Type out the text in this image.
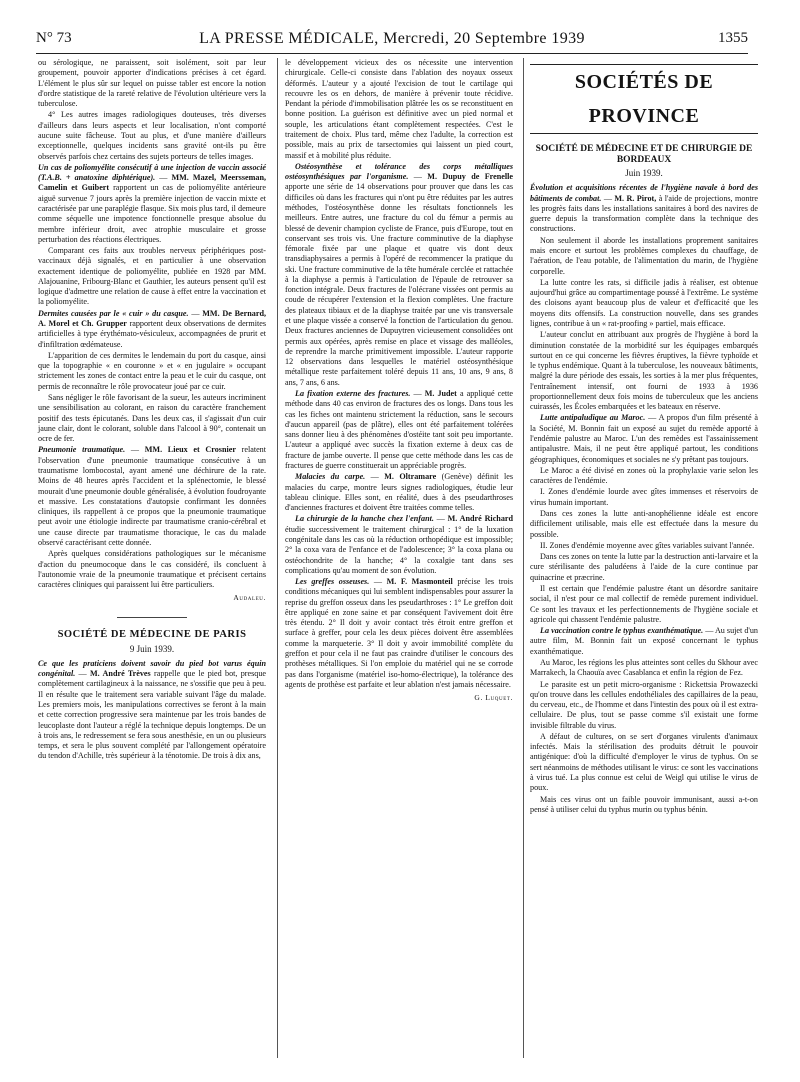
LA PRESSE MÉDICALE, Mercredi, 20 Septembre 1939
N° 73	1355

ou sérologique, ne paraissent, soit isolément, soit par leur groupement, pouvoir apporter d'indications précises à cet égard. L'élément le plus sûr sur lequel on puisse tabler est encore la notion d'ordre statistique de la rareté relative de l'évolution ultérieure vers la tuberculose.

4° Les autres images radiologiques douteuses, très diverses d'ailleurs dans leurs aspects et leur localisation, n'ont comporté aucune suite fâcheuse. Tout au plus, et d'une manière d'ailleurs exceptionnelle, quelques incidents sans gravité ont-ils pu être observés parfois chez certains des sujets porteurs de telles images.

Un cas de poliomyélite consécutif à une injection de vaccin associé (T.A.B. + anatoxine diphtérique). — MM. Mazel, Meersseman, Camelin et Guibert rapportent un cas de poliomyélite antérieure aiguë survenue 7 jours après la première injection de vaccin mixte et caractérisée par une paraplégie flasque. Six mois plus tard, il demeure comme séquelle une impotence fonctionnelle presque absolue du membre inférieur droit, avec atrophie musculaire et grosse perturbation des réactions électriques.

Comparant ces faits aux troubles nerveux périphériques post-vaccinaux déjà signalés, et en particulier à une observation exactement identique de poliomyélite, publiée en 1928 par MM. Alajouanine, Fribourg-Blanc et Gauthier, les auteurs pensent qu'il est logique d'admettre une relation de cause à effet entre la vaccination et la poliomyélite.

Dermites causées par le « cuir » du casque. — MM. De Bernard, A. Morel et Ch. Grupper rapportent deux observations de dermites artificielles à type érythémato-vésiculeux, accompagnées de prurit et d'infiltration œdémateuse.

L'apparition de ces dermites le lendemain du port du casque, ainsi que la topographie « en couronne » et « en jugulaire » occupant strictement les zones de contact entre la peau et le cuir du casque, ont permis de reconnaître le rôle provocateur joué par ce cuir.

Sans négliger le rôle favorisant de la sueur, les auteurs incriminent une sensibilisation au colorant, en raison du caractère franchement positif des tests épicutanés. Dans les deux cas, il s'agissait d'un cuir jaune clair, dont le colorant, soluble dans l'alcool à 90°, contenait un ocre de fer.

Pneumonie traumatique. — MM. Lieux et Crosnier relatent l'observation d'une pneumonie traumatique consécutive à un traumatisme lombocostal, ayant amené une déchirure de la rate. Moins de 48 heures après l'accident et la splénectomie, le blessé mourait d'une pneumonie double généralisée, à évolution foudroyante et massive. Les constatations d'autopsie confirmant les données cliniques, ils rappellent à ce propos que la pneumonie traumatique peut avoir une étiologie indirecte par traumatisme cranio-cérébral et une cause directe par traumatisme thoracique, le cas du malade observé caractérisant cette donnée.

Après quelques considérations pathologiques sur le mécanisme d'action du pneumocoque dans le cas considéré, ils concluent à l'autonomie vraie de la pneumonie traumatique et précisent certains caractères cliniques qui paraissent lui être particuliers.

Audaleu.
SOCIÉTÉ DE MÉDECINE DE PARIS
9 Juin 1939.

Ce que les praticiens doivent savoir du pied bot varus équin congénital. — M. André Trèves rappelle que le pied bot, presque complètement cartilagineux à la naissance, ne s'ossifie que peu à peu. Il en résulte que le traitement sera variable suivant l'âge du malade. Les premiers mois, les manipulations correctives se feront à la main et cette correction progressive sera maintenue par les trois bandes de leucoplaste dont l'auteur a réglé la technique depuis longtemps. De un à trois ans, le redressement se fera sous anesthésie, en un ou plusieurs temps, et sera le plus souvent complété par l'allongement opératoire du tendon d'Achille, très supérieur à la ténotomie. De trois à dix ans,

le développement vicieux des os nécessite une intervention chirurgicale. Celle-ci consiste dans l'ablation des noyaux osseux déformés. L'auteur y a ajouté l'excision de tout le cartilage qui recouvre les os en dehors, de manière à prévenir toute récidive. Pendant la période d'immobilisation plâtrée les os se reconstituent en bonne position. La guérison est définitive avec un pied normal et souple, les articulations étant complètement respectées. C'est le traitement de choix. Plus tard, même chez l'adulte, la correction est possible, mais au prix de tarsectomies qui laissent un pied court, massif et à mobilité plus réduite.

Ostéosynthèse et tolérance des corps métalliques ostéosynthésiques par l'organisme. — M. Dupuy de Frenelle apporte une série de 14 observations pour prouver que dans les cas difficiles où dans les fractures qui n'ont pu être réduites par les autres méthodes, l'ostéosynthèse donne les résultats fonctionnels les meilleurs. Entre autres, une fracture du col du fémur a permis au blessé de devenir champion cycliste de France, puis d'Europe, tout en conservant ses trois vis. Une fracture comminutive de la diaphyse fémorale fixée par une plaque et quatre vis dont deux transdiaphysaires a permis à l'opéré de recommencer la pratique du ski. Une fracture comminutive de la tête humérale cerclée et rattachée à la diaphyse a permis à l'articulation de l'épaule de retrouver sa fonction intégrale. Deux fractures de l'olécrane vissées ont permis au coude de récupérer l'extension et la flexion complètes. Une fracture des plateaux tibiaux et de la diaphyse traitée par une vis transversale et une plaque vissée a conservé la fonction de l'articulation du genou. Deux fractures anciennes de Dupuytren vicieusement consolidées ont permis aux opérées, après remise en place et vissage des malléoles, de reprendre la marche primitivement impossible. L'auteur rapporte 12 observations dans lesquelles le matériel ostéosynthésique métallique reste parfaitement toléré depuis 11 ans, 10 ans, 9 ans, 8 ans, 7 ans, 6 ans.

La fixation externe des fractures. — M. Judet a appliqué cette méthode dans 40 cas environ de fractures des os longs. Dans tous les cas les fiches ont maintenu strictement la réduction, sans le secours d'aucun appareil (pas de plâtre), elles ont été parfaitement tolérées sans donner lieu à des phénomènes d'ostéite tant soit peu importante. L'auteur a appliqué avec succès la fixation externe à deux cas de fracture de jambe ouverte. Il pense que cette méthode dans les cas de fractures de guerre constituerait un appréciable progrès.

Malacies du carpe. — M. Oltramare (Genève) définit les malacies du carpe, montre leurs signes radiologiques, étudie leur tableau clinique. Elles sont, en réalité, dues à des pseudarthroses d'anciennes fractures et doivent être traitées comme telles.

La chirurgie de la hanche chez l'enfant. — M. André Richard étudie successivement le traitement chirurgical : 1° de la luxation congénitale dans les cas où la réduction orthopédique est impossible; 2° la coxa vara de l'enfance et de l'adolescence; 3° la coxa plana ou ostéochondrite de la hanche; 4° la coxalgie tant dans ses complications qu'au moment de son évolution.

Les greffes osseuses. — M. F. Masmonteil précise les trois conditions mécaniques qui lui semblent indispensables pour assurer la reprise du greffon osseux dans les pseudarthroses : 1° Le greffon doit être appliqué en zone saine et par conséquent l'avivement doit être très étendu. 2° Il doit y avoir contact très étroit entre greffon et surface à greffer, pour cela les deux pièces doivent être assemblées comme la marqueterie. 3° Il doit y avoir immobilité complète du greffon et pour cela il ne faut pas craindre d'utiliser le concours des prothèses métalliques. Si l'on emploie du matériel qui ne se corrode pas dans l'organisme (matériel iso-homo-électrique), la tolérance des agents de prothèse est parfaite et leur ablation n'est jamais nécessaire.

G. Luquet.
SOCIÉTÉS DE PROVINCE
SOCIÉTÉ DE MÉDECINE ET DE CHIRURGIE DE BORDEAUX
Juin 1939.

Évolution et acquisitions récentes de l'hygiène navale à bord des bâtiments de combat. — M. R. Pirot, à l'aide de projections, montre les progrès faits dans les installations sanitaires à bord des navires de guerre depuis la transformation complète dans la technique des constructions.

Non seulement il aborde les installations proprement sanitaires mais encore et surtout les problèmes complexes du chauffage, de l'aération, de l'eau potable, de l'alimentation du marin, de l'hygiène corporelle.

La lutte contre les rats, si difficile jadis à réaliser, est obtenue aujourd'hui grâce au compartimentage poussé à l'extrême. Le système des cloisons ayant beaucoup plus de valeur et d'efficacité que les moyens dits offensifs. La construction nouvelle, dans ses grandes lignes, contribue à un « rat-proofing » partiel, mais efficace.

L'auteur conclut en attribuant aux progrès de l'hygiène à bord la diminution constatée de la morbidité sur les équipages embarqués surtout en ce qui concerne les fièvres éruptives, la fièvre typhoïde et le typhus endémique. Quant à la tuberculose, les nouveaux bâtiments, malgré la dure période des essais, les sorties à la mer plus fréquentes, l'entraînement intensif, ont fourni de 1933 à 1936 proportionnellement deux fois moins de tuberculeux que les anciens cuirassés, les Écoles embarquées et les bateaux en réserve.

Lutte antipaludique au Maroc. — A propos d'un film présenté à la Société, M. Bonnin fait un exposé au sujet du remède apporté à l'endémie palustre au Maroc. L'un des remèdes est l'assainissement antipalustre. Mais, il ne peut être appliqué partout, les conditions géographiques, économiques et sociales ne s'y prêtant pas toujours.

Le Maroc a été divisé en zones où la prophylaxie varie selon les caractères de l'endémie.

I. Zones d'endémie lourde avec gîtes immenses et réservoirs de virus humain important.

Dans ces zones la lutte anti-anophélienne idéale est encore difficilement utilisable, mais elle est effectuée dans la mesure du possible.

II. Zones d'endémie moyenne avec gîtes variables suivant l'année.

Dans ces zones on tente la lutte par la destruction anti-larvaire et la cure stérilisante des paludéens à l'aide de la cure continue par quinacrine et præcrine.

Il est certain que l'endémie palustre étant un désordre sanitaire social, il n'est pour ce mal collectif de remède purement individuel. Ce sont les travaux et les perfectionnements de l'hygiène sociale et agricole qui chassent l'endémie palustre.

La vaccination contre le typhus exanthématique. — Au sujet d'un autre film, M. Bonnin fait un exposé concernant le typhus exanthématique.

Au Maroc, les régions les plus atteintes sont celles du Skhour avec Marrakech, la Chaouïa avec Casablanca et enfin la région de Fez.

Le parasite est un petit micro-organisme : Rickettsia Prowazecki qu'on trouve dans les cellules endothéliales des capillaires de la peau, du cerveau, etc., de l'homme et dans l'intestin des poux où il est extra-cellulaire. De plus, tout se passe comme s'il existait une forme invisible filtrable du virus.

A défaut de cultures, on se sert d'organes virulents d'animaux infectés. Mais la stérilisation des produits détruit le pouvoir antigénique: d'où la difficulté d'employer le virus de typhus. On se sert néanmoins de méthodes utilisant le virus: ce sont les vaccinations à virus tué. La plus connue est celui de Weigl qui utilise le virus de poux.

Mais ces virus ont un faible pouvoir immunisant, aussi a-t-on pensé à utiliser celui du typhus murin ou typhus bénin.
